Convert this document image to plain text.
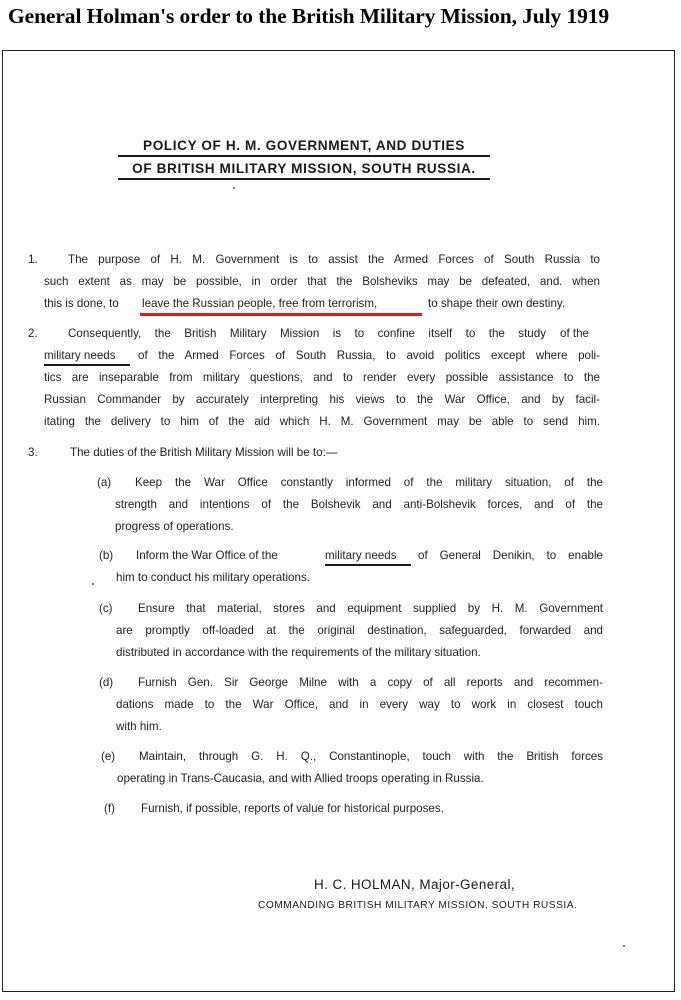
General Holman's order to the British Military Mission, July 1919
POLICY OF H. M. GOVERNMENT, AND DUTIES
OF BRITISH MILITARY MISSION, SOUTH RUSSIA.
1.	The purpose of H. M. Government is to assist the Armed Forces of South Russia to
such extent as may be possible, in order that the Bolsheviks may be defeated, and. when
this is done, to leave the Russian people, free from terrorism,	to shape their own destiny.
2.	Consequently, the British Military Mission is to confine itself to the study of the
military needs of the Armed Forces of South Russia, to avoid politics except where poli-
tics are inseparable from military questions, and to render every possible assistance to the
Russian Commander by accurately interpreting his views to the War Office, and by facil-
itating the delivery to him of the aid which H. M. Government may be able to send him.
3.	The duties of the British Military Mission will be to:—
(a) Keep the War Office constantly informed of the military situation, of the
strength and intentions of the Bolshevik and anti-Bolshevik forces, and of the
progress of operations.
(b) Inform the War Office of the	military needs of General Denikin, to enable
him to conduct his military operations.
(c) Ensure that material, stores and equipment supplied by H. M. Government
are promptly off-loaded at the original destination, safeguarded, forwarded and
distributed in accordance with the requirements of the military situation.
(d) Furnish Gen. Sir George Milne with a copy of all reports and recommen-
dations made to the War Office, and in every way to work in closest touch
with him.
(e) Maintain, through G. H. Q., Constantinople, touch with the British forces
operating in Trans-Caucasia, and with Allied troops operating in Russia.
(f) Furnish, if possible, reports of value for historical purposes.
H. C. HOLMAN, Major-General,
COMMANDING BRITISH MILITARY MISSION, SOUTH RUSSIA.
